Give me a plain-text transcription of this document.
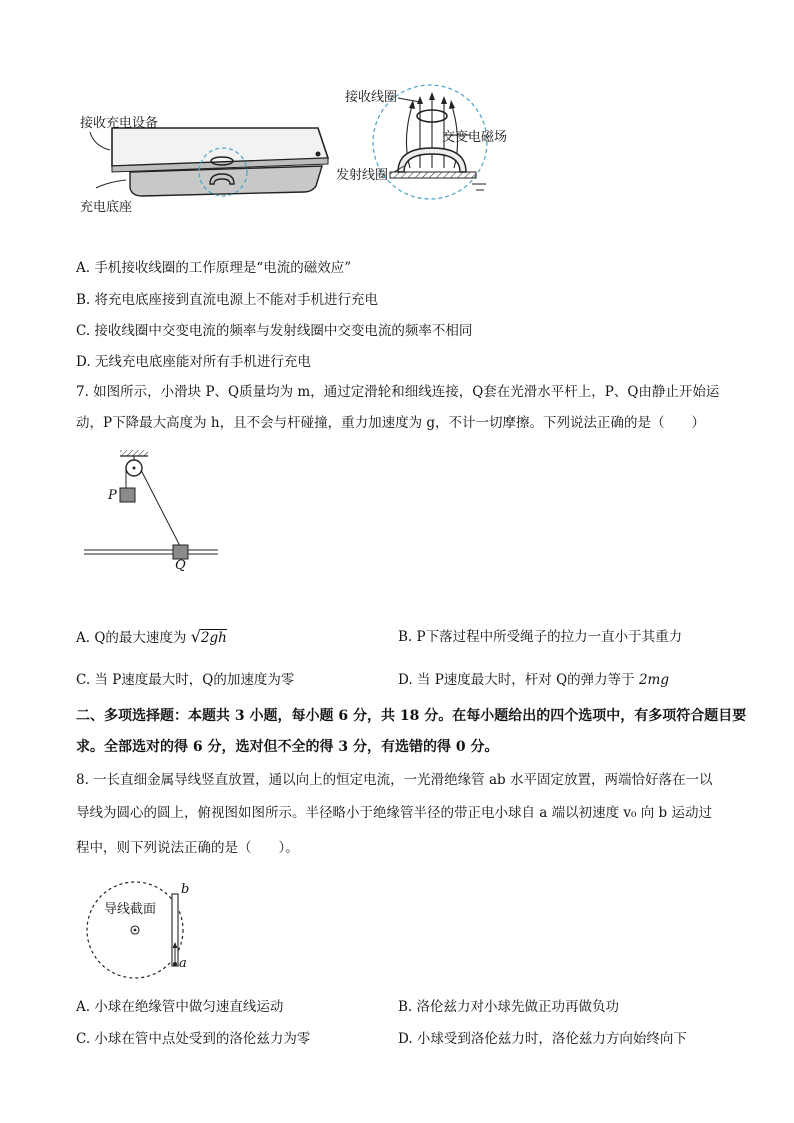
接收充电设备
充电底座
接收线圈
交变电磁场
发射线圈
A. 手机接收线圈的工作原理是“电流的磁效应”
B. 将充电底座接到直流电源上不能对手机进行充电
C. 接收线圈中交变电流的频率与发射线圈中交变电流的频率不相同
D. 无线充电底座能对所有手机进行充电
7. 如图所示，小滑块 P、Q质量均为 m，通过定滑轮和细线连接，Q套在光滑水平杆上，P、Q由静止开始运
动，P下降最大高度为 h，且不会与杆碰撞，重力加速度为 g，不计一切摩擦。下列说法正确的是（　　）
P
Q
A. Q的最大速度为 √2gh	B. P下落过程中所受绳子的拉力一直小于其重力
C. 当 P速度最大时，Q的加速度为零	D. 当 P速度最大时，杆对 Q的弹力等于 2mg
二、多项选择题：本题共 3 小题，每小题 6 分，共 18 分。在每小题给出的四个选项中，有多项符合题目要
求。全部选对的得 6 分，选对但不全的得 3 分，有选错的得 0 分。
8. 一长直细金属导线竖直放置，通以向上的恒定电流，一光滑绝缘管 ab 水平固定放置，两端恰好落在一以
导线为圆心的圆上，俯视图如图所示。半径略小于绝缘管半径的带正电小球自 a 端以初速度 v₀ 向 b 运动过
程中，则下列说法正确的是（　　）。
导线截面
b
a
A. 小球在绝缘管中做匀速直线运动	B. 洛伦兹力对小球先做正功再做负功
C. 小球在管中点处受到的洛伦兹力为零	D. 小球受到洛伦兹力时，洛伦兹力方向始终向下
